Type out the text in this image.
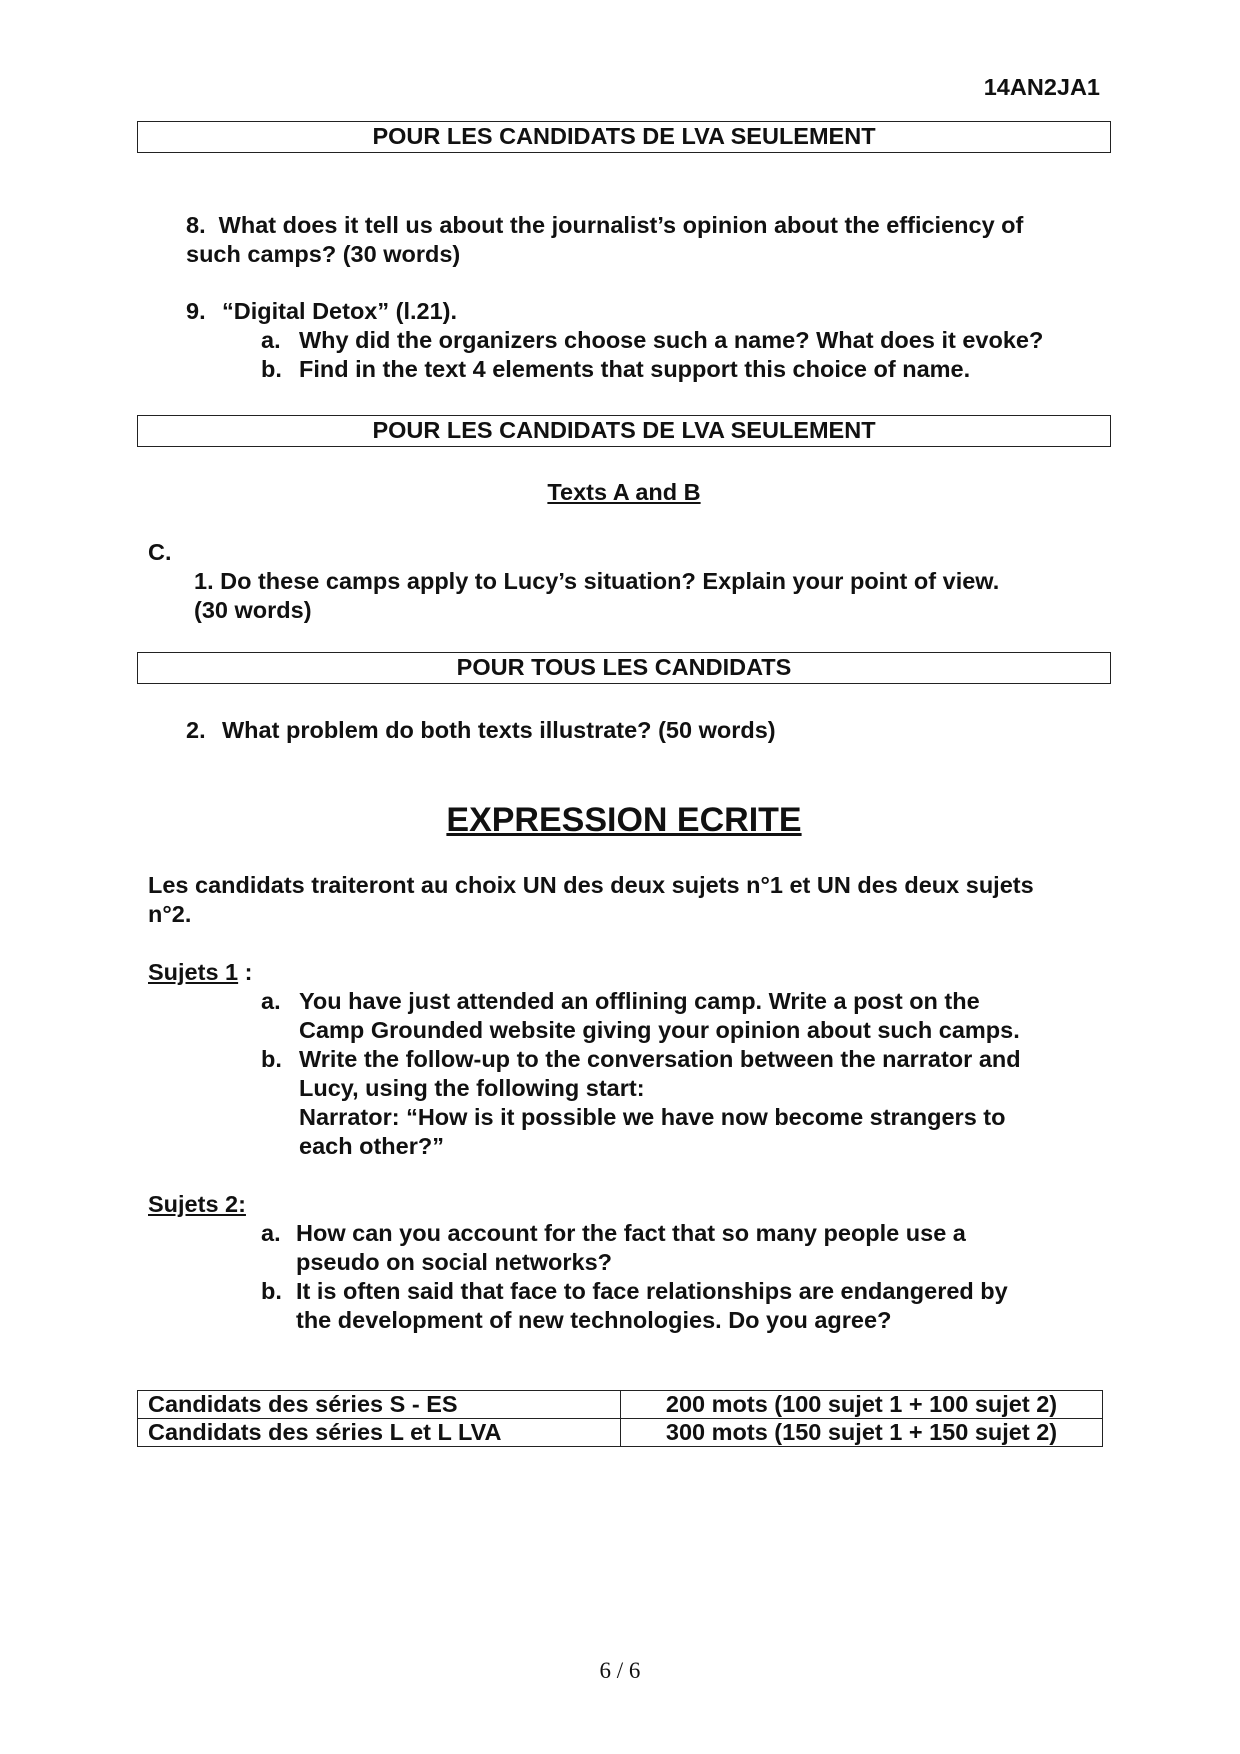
14AN2JA1
POUR LES CANDIDATS DE LVA SEULEMENT
8. What does it tell us about the journalist’s opinion about the efficiency of
such camps? (30 words)
9. “Digital Detox” (l.21).
a. Why did the organizers choose such a name? What does it evoke?
b. Find in the text 4 elements that support this choice of name.
POUR LES CANDIDATS DE LVA SEULEMENT
Texts A and B
C.
1. Do these camps apply to Lucy’s situation? Explain your point of view.
(30 words)
POUR TOUS LES CANDIDATS
2. What problem do both texts illustrate? (50 words)
EXPRESSION ECRITE
Les candidats traiteront au choix UN des deux sujets n°1 et UN des deux sujets
n°2.
Sujets 1 :
a. You have just attended an offlining camp. Write a post on the
Camp Grounded website giving your opinion about such camps.
b. Write the follow-up to the conversation between the narrator and
Lucy, using the following start:
Narrator: “How is it possible we have now become strangers to
each other?”
Sujets 2:
a. How can you account for the fact that so many people use a
pseudo on social networks?
b. It is often said that face to face relationships are endangered by
the development of new technologies. Do you agree?
Candidats des séries S - ES	200 mots (100 sujet 1 + 100 sujet 2)
Candidats des séries L et L LVA	300 mots (150 sujet 1 + 150 sujet 2)
6 / 6
